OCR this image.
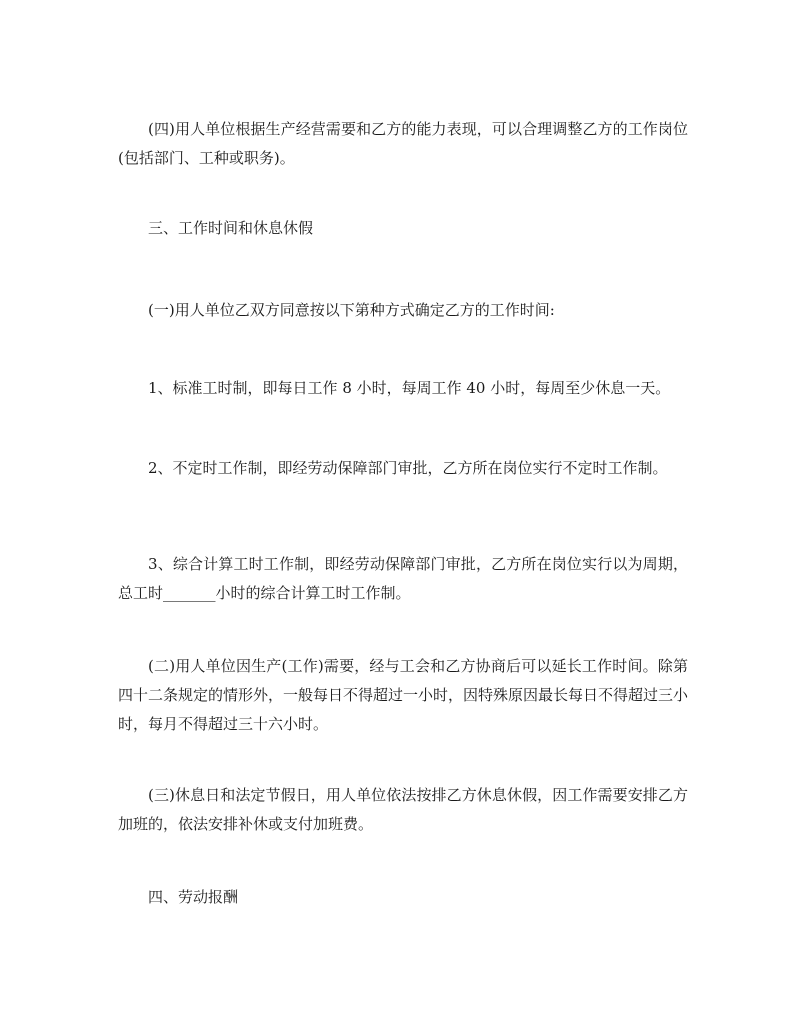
(四)用人单位根据生产经营需要和乙方的能力表现，可以合理调整乙方的工作岗位(包括部门、工种或职务)。

三、工作时间和休息休假

(一)用人单位乙双方同意按以下第种方式确定乙方的工作时间:

1、标准工时制，即每日工作 8 小时，每周工作 40 小时，每周至少休息一天。

2、不定时工作制，即经劳动保障部门审批，乙方所在岗位实行不定时工作制。

3、综合计算工时工作制，即经劳动保障部门审批，乙方所在岗位实行以为周期，总工时_______小时的综合计算工时工作制。

(二)用人单位因生产(工作)需要，经与工会和乙方协商后可以延长工作时间。除第四十二条规定的情形外，一般每日不得超过一小时，因特殊原因最长每日不得超过三小时，每月不得超过三十六小时。

(三)休息日和法定节假日，用人单位依法按排乙方休息休假，因工作需要安排乙方加班的，依法安排补休或支付加班费。

四、劳动报酬
